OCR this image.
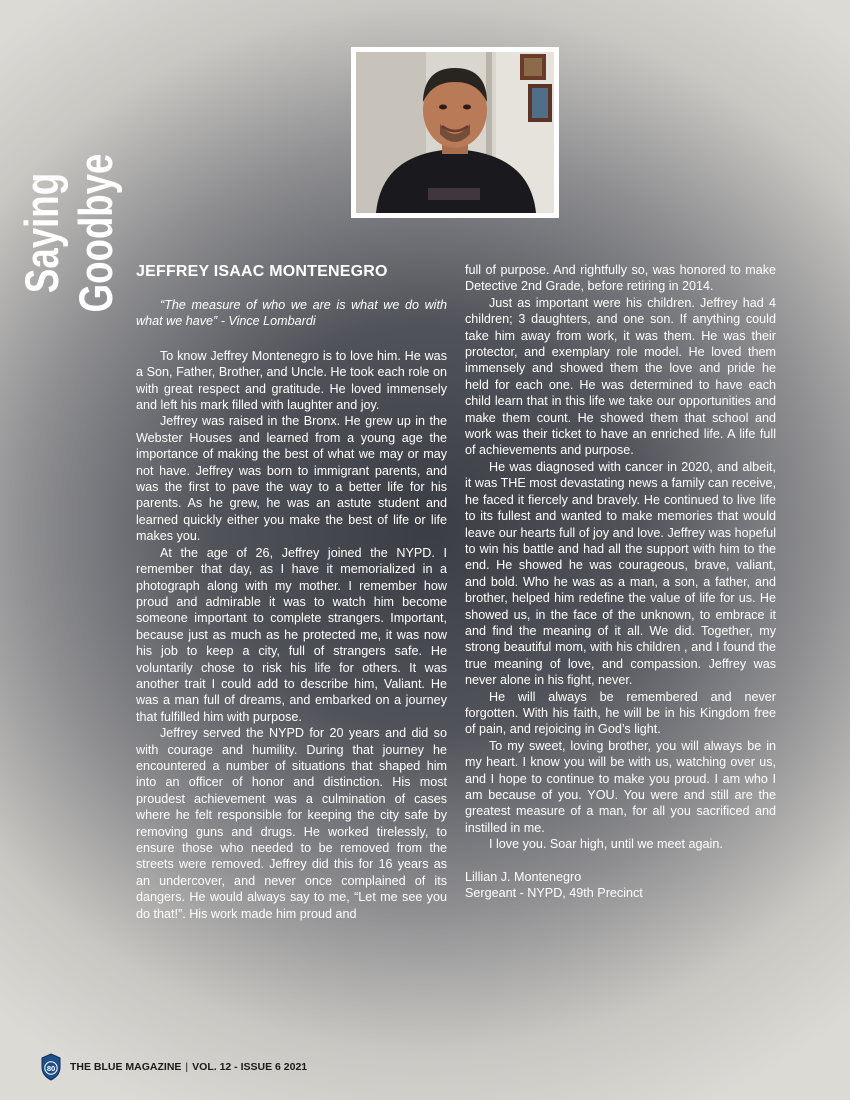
Saying Goodbye JEFFREY ISAAC MONTENEGRO

“The measure of who we are is what we do with what we have” - Vince Lombardi

To know Jeffrey Montenegro is to love him. He was a Son, Father, Brother, and Uncle. He took each role on with great respect and gratitude. He loved immensely and left his mark filled with laughter and joy.

Jeffrey was raised in the Bronx. He grew up in the Webster Houses and learned from a young age the importance of making the best of what we may or may not have. Jeffrey was born to immigrant parents, and was the first to pave the way to a better life for his parents. As he grew, he was an astute student and learned quickly either you make the best of life or life makes you.

At the age of 26, Jeffrey joined the NYPD. I remember that day, as I have it memorialized in a photograph along with my mother. I remember how proud and admirable it was to watch him become someone important to complete strangers. Important, because just as much as he protected me, it was now his job to keep a city, full of strangers safe. He voluntarily chose to risk his life for others. It was another trait I could add to describe him, Valiant. He was a man full of dreams, and embarked on a journey that fulfilled him with purpose.

Jeffrey served the NYPD for 20 years and did so with courage and humility. During that journey he encountered a number of situations that shaped him into an officer of honor and distinction. His most proudest achievement was a culmination of cases where he felt responsible for keeping the city safe by removing guns and drugs. He worked tirelessly, to ensure those who needed to be removed from the streets were removed. Jeffrey did this for 16 years as an undercover, and never once complained of its dangers. He would always say to me, “Let me see you do that!”. His work made him proud and

full of purpose. And rightfully so, was honored to make Detective 2nd Grade, before retiring in 2014.

Just as important were his children. Jeffrey had 4 children; 3 daughters, and one son. If anything could take him away from work, it was them. He was their protector, and exemplary role model. He loved them immensely and showed them the love and pride he held for each one. He was determined to have each child learn that in this life we take our opportunities and make them count. He showed them that school and work was their ticket to have an enriched life. A life full of achievements and purpose.

He was diagnosed with cancer in 2020, and albeit, it was THE most devastating news a family can receive, he faced it fiercely and bravely. He continued to live life to its fullest and wanted to make memories that would leave our hearts full of joy and love. Jeffrey was hopeful to win his battle and had all the support with him to the end. He showed he was courageous, brave, valiant, and bold. Who he was as a man, a son, a father, and brother, helped him redefine the value of life for us. He showed us, in the face of the unknown, to embrace it and find the meaning of it all. We did. Together, my strong beautiful mom, with his children , and I found the true meaning of love, and compassion. Jeffrey was never alone in his fight, never.

He will always be remembered and never forgotten. With his faith, he will be in his Kingdom free of pain, and rejoicing in God’s light.

To my sweet, loving brother, you will always be in my heart. I know you will be with us, watching over us, and I hope to continue to make you proud. I am who I am because of you. YOU. You were and still are the greatest measure of a man, for all you sacrificed and instilled in me.

I love you. Soar high, until we meet again.

Lillian J. Montenegro
Sergeant - NYPD, 49th Precinct
80 THE BLUE MAGAZINE | VOL. 12 - ISSUE 6 2021
